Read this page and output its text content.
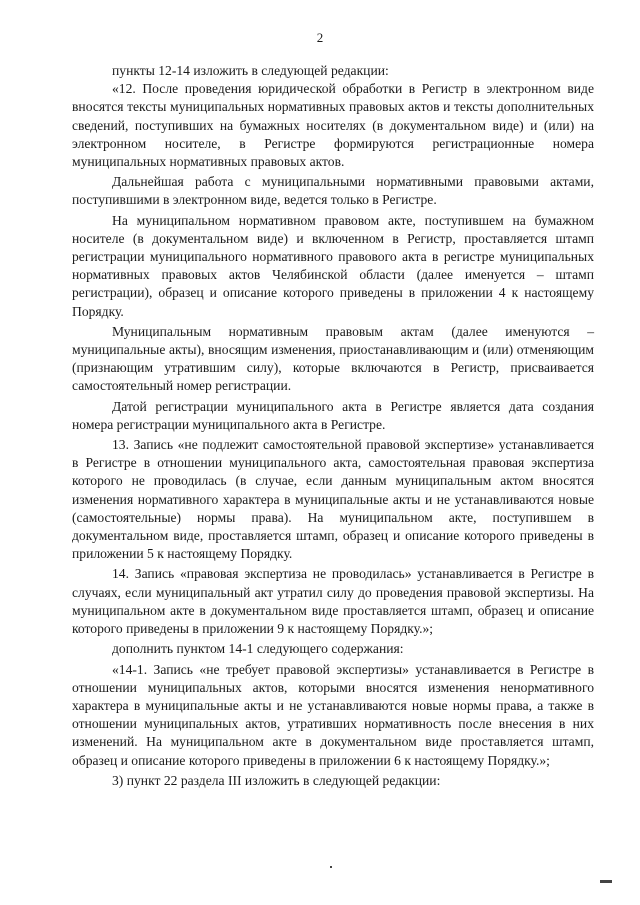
2

пункты 12-14 изложить в следующей редакции:

«12. После проведения юридической обработки в Регистр в электронном виде вносятся тексты муниципальных нормативных правовых актов и тексты дополнительных сведений, поступивших на бумажных носителях (в документальном виде) и (или) на электронном носителе, в Регистре формируются регистрационные номера муниципальных нормативных правовых актов.

Дальнейшая работа с муниципальными нормативными правовыми актами, поступившими в электронном виде, ведется только в Регистре.

На муниципальном нормативном правовом акте, поступившем на бумажном носителе (в документальном виде) и включенном в Регистр, проставляется штамп регистрации муниципального нормативного правового акта в регистре муниципальных нормативных правовых актов Челябинской области (далее именуется – штамп регистрации), образец и описание которого приведены в приложении 4 к настоящему Порядку.

Муниципальным нормативным правовым актам (далее именуются – муниципальные акты), вносящим изменения, приостанавливающим и (или) отменяющим (признающим утратившим силу), которые включаются в Регистр, присваивается самостоятельный номер регистрации.

Датой регистрации муниципального акта в Регистре является дата создания номера регистрации муниципального акта в Регистре.

13. Запись «не подлежит самостоятельной правовой экспертизе» устанавливается в Регистре в отношении муниципального акта, самостоятельная правовая экспертиза которого не проводилась (в случае, если данным муниципальным актом вносятся изменения нормативного характера в муниципальные акты и не устанавливаются новые (самостоятельные) нормы права). На муниципальном акте, поступившем в документальном виде, проставляется штамп, образец и описание которого приведены в приложении 5 к настоящему Порядку.

14. Запись «правовая экспертиза не проводилась» устанавливается в Регистре в случаях, если муниципальный акт утратил силу до проведения правовой экспертизы. На муниципальном акте в документальном виде проставляется штамп, образец и описание которого приведены в приложении 9 к настоящему Порядку.»;

дополнить пунктом 14-1 следующего содержания:

«14-1. Запись «не требует правовой экспертизы» устанавливается в Регистре в отношении муниципальных актов, которыми вносятся изменения ненормативного характера в муниципальные акты и не устанавливаются новые нормы права, а также в отношении муниципальных актов, утративших нормативность после внесения в них изменений. На муниципальном акте в документальном виде проставляется штамп, образец и описание которого приведены в приложении 6 к настоящему Порядку.»;

3) пункт 22 раздела III изложить в следующей редакции:
